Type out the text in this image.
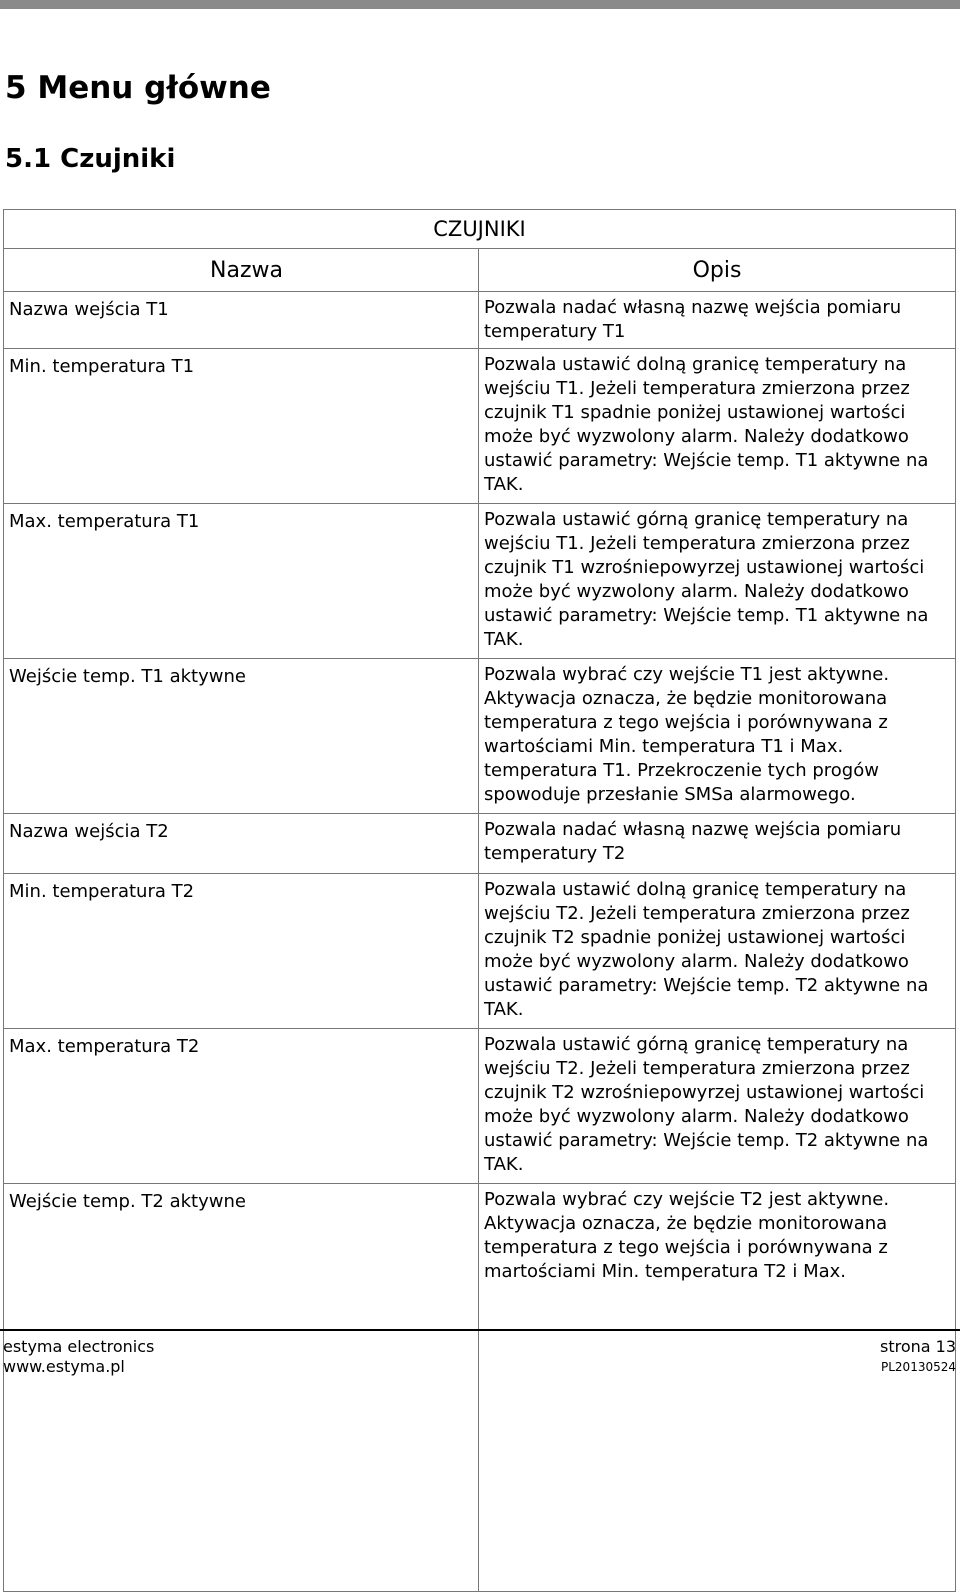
5 Menu główne
5.1 Czujniki
CZUJNIKI	
Nazwa	Opis
Nazwa wejścia T1	Pozwala nadać własną nazwę wejścia pomiaru temperatury T1
Min. temperatura T1	Pozwala ustawić dolną granicę temperatury na wejściu T1. Jeżeli temperatura zmierzona przez czujnik T1 spadnie poniżej ustawionej wartości może być wyzwolony alarm. Należy dodatkowo ustawić parametry: Wejście temp. T1 aktywne na TAK.
Max. temperatura T1	Pozwala ustawić górną granicę temperatury na wejściu T1. Jeżeli temperatura zmierzona przez czujnik T1 wzrośniepowyrzej ustawionej wartości może być wyzwolony alarm. Należy dodatkowo ustawić parametry: Wejście temp. T1 aktywne na TAK.
Wejście temp. T1 aktywne	Pozwala wybrać czy wejście T1 jest aktywne. Aktywacja oznacza, że będzie monitorowana temperatura z tego wejścia i porównywana z wartościami Min. temperatura T1 i Max. temperatura T1. Przekroczenie tych progów spowoduje przesłanie SMSa alarmowego.
Nazwa wejścia T2	Pozwala nadać własną nazwę wejścia pomiaru temperatury T2
Min. temperatura T2	Pozwala ustawić dolną granicę temperatury na wejściu T2. Jeżeli temperatura zmierzona przez czujnik T2 spadnie poniżej ustawionej wartości może być wyzwolony alarm. Należy dodatkowo ustawić parametry: Wejście temp. T2 aktywne na TAK.
Max. temperatura T2	Pozwala ustawić górną granicę temperatury na wejściu T2. Jeżeli temperatura zmierzona przez czujnik T2 wzrośniepowyrzej ustawionej wartości może być wyzwolony alarm. Należy dodatkowo ustawić parametry: Wejście temp. T2 aktywne na TAK.
Wejście temp. T2 aktywne	Pozwala wybrać czy wejście T2 jest aktywne. Aktywacja oznacza, że będzie monitorowana temperatura z tego wejścia i porównywana z martościami Min. temperatura T2 i Max.
estyma electronics
www.estyma.pl
strona 13
PL20130524
